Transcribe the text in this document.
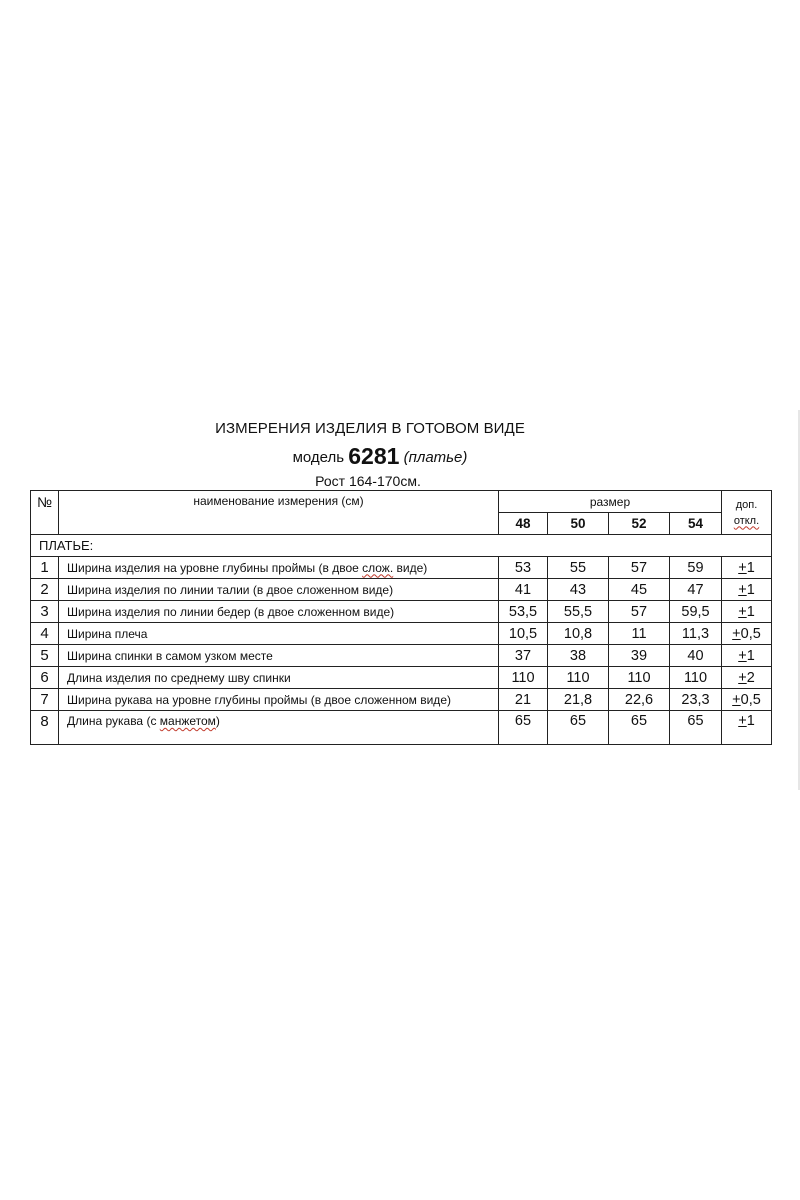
ИЗМЕРЕНИЯ ИЗДЕЛИЯ В ГОТОВОМ ВИДЕ
модель 6281 (платье)
Рост 164-170см.
№	наименование измерения (см)	размер				доп.
откл.
		48	50	52	54	
ПЛАТЬЕ:						
1	Ширина изделия на уровне глубины проймы (в двое слож. виде)	53	55	57	59	+1
2	Ширина изделия по линии талии (в двое сложенном виде)	41	43	45	47	+1
3	Ширина изделия по линии бедер (в двое сложенном виде)	53,5	55,5	57	59,5	+1
4	Ширина плеча	10,5	10,8	11	11,3	+0,5
5	Ширина спинки в самом узком месте	37	38	39	40	+1
6	Длина изделия по среднему шву спинки	110	110	110	110	+2
7	Ширина рукава на уровне глубины проймы (в двое сложенном виде)	21	21,8	22,6	23,3	+0,5
8	Длина рукава (с манжетом)	65	65	65	65	+1
